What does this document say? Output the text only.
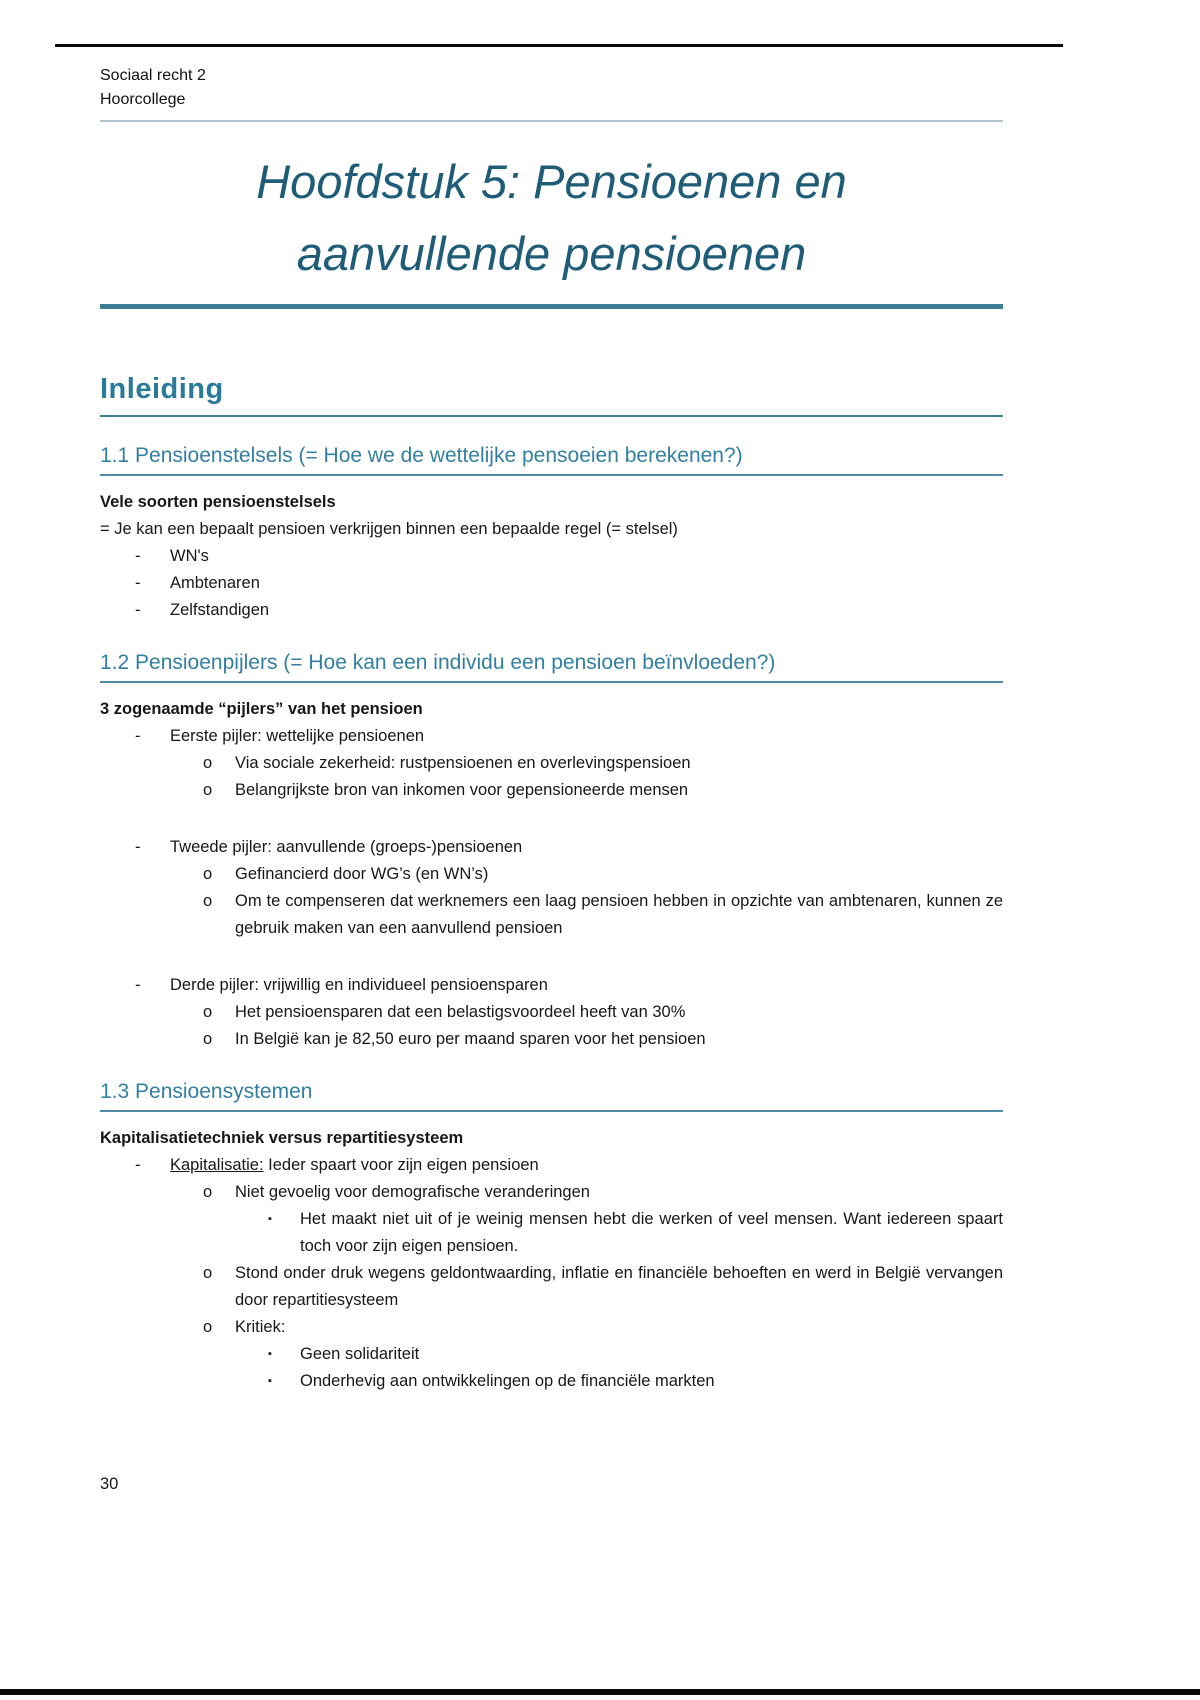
Sociaal recht 2
Hoorcollege
Hoofdstuk 5: Pensioenen en
aanvullende pensioenen
Inleiding
1.1 Pensioenstelsels (= Hoe we de wettelijke pensoeien berekenen?)
Vele soorten pensioenstelsels
= Je kan een bepaalt pensioen verkrijgen binnen een bepaalde regel (= stelsel)
-	WN's
-	Ambtenaren
-	Zelfstandigen
1.2 Pensioenpijlers (= Hoe kan een individu een pensioen beïnvloeden?)
3 zogenaamde “pijlers” van het pensioen
-	Eerste pijler: wettelijke pensioenen
o	Via sociale zekerheid: rustpensioenen en overlevingspensioen
o	Belangrijkste bron van inkomen voor gepensioneerde mensen
-	Tweede pijler: aanvullende (groeps-)pensioenen
o	Gefinancierd door WG’s (en WN’s)
o	Om te compenseren dat werknemers een laag pensioen hebben in opzichte van ambtenaren, kunnen ze gebruik maken van een aanvullend pensioen
-	Derde pijler: vrijwillig en individueel pensioensparen
o	Het pensioensparen dat een belastigsvoordeel heeft van 30%
o	In België kan je 82,50 euro per maand sparen voor het pensioen
1.3 Pensioensystemen
Kapitalisatietechniek versus repartitiesysteem
-	Kapitalisatie: Ieder spaart voor zijn eigen pensioen
o	Niet gevoelig voor demografische veranderingen
▪	Het maakt niet uit of je weinig mensen hebt die werken of veel mensen. Want iedereen spaart toch voor zijn eigen pensioen.
o	Stond onder druk wegens geldontwaarding, inflatie en financiële behoeften en werd in België vervangen door repartitiesysteem
o	Kritiek:
▪	Geen solidariteit
▪	Onderhevig aan ontwikkelingen op de financiële markten
30
